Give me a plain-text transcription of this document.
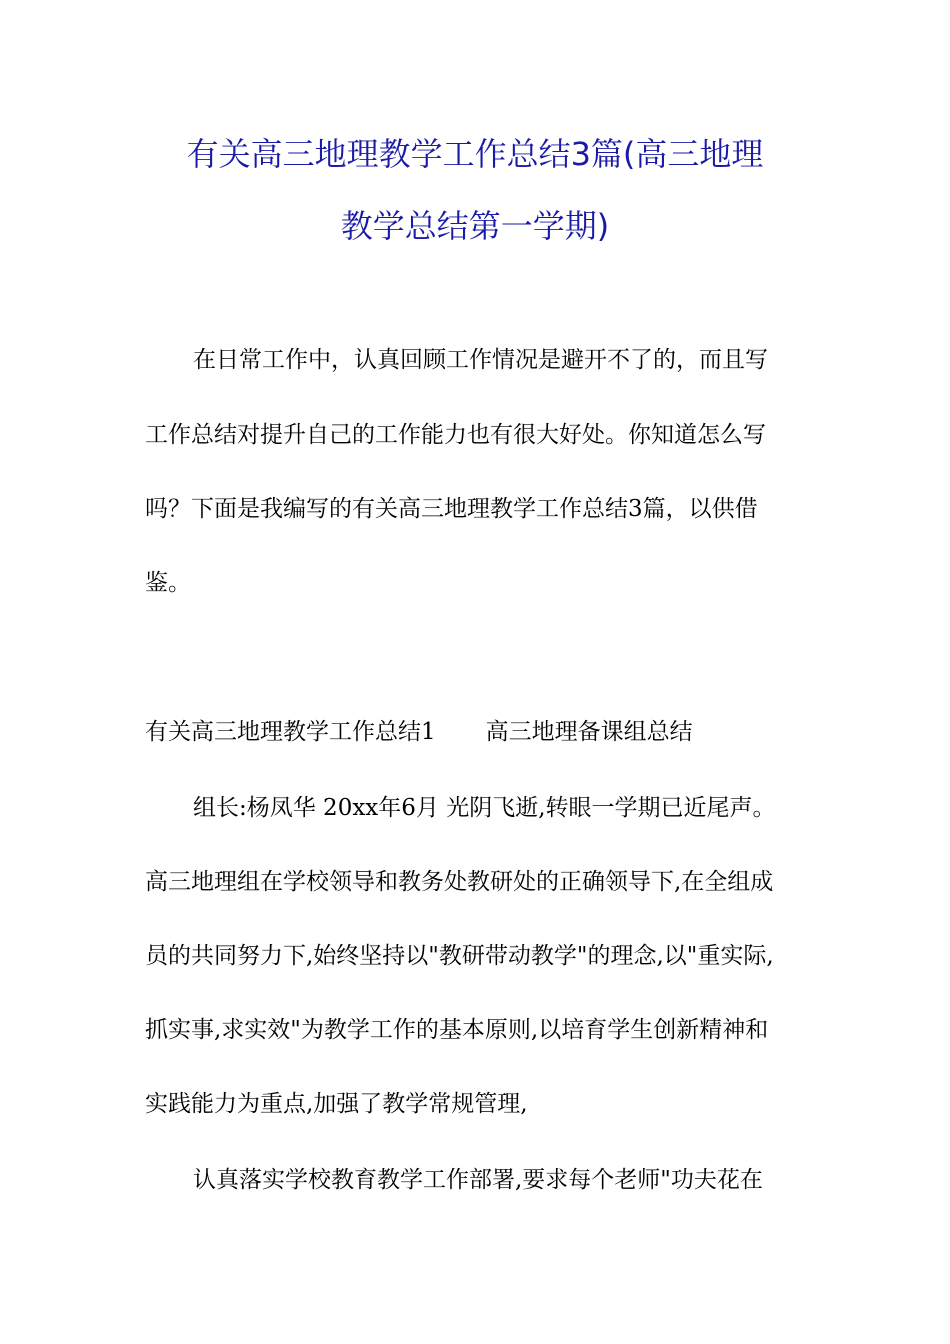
有关高三地理教学工作总结3篇(高三地理
教学总结第一学期)
在日常工作中，认真回顾工作情况是避开不了的，而且写
工作总结对提升自己的工作能力也有很大好处。你知道怎么写
吗？下面是我编写的有关高三地理教学工作总结3篇，以供借
鉴。
有关高三地理教学工作总结1 高三地理备课组总结
组长:杨凤华 20xx年6月 光阴飞逝,转眼一学期已近尾声。
高三地理组在学校领导和教务处教研处的正确领导下,在全组成
员的共同努力下,始终坚持以"教研带动教学"的理念,以"重实际,
抓实事,求实效"为教学工作的基本原则,以培育学生创新精神和
实践能力为重点,加强了教学常规管理,
认真落实学校教育教学工作部署,要求每个老师"功夫花在
